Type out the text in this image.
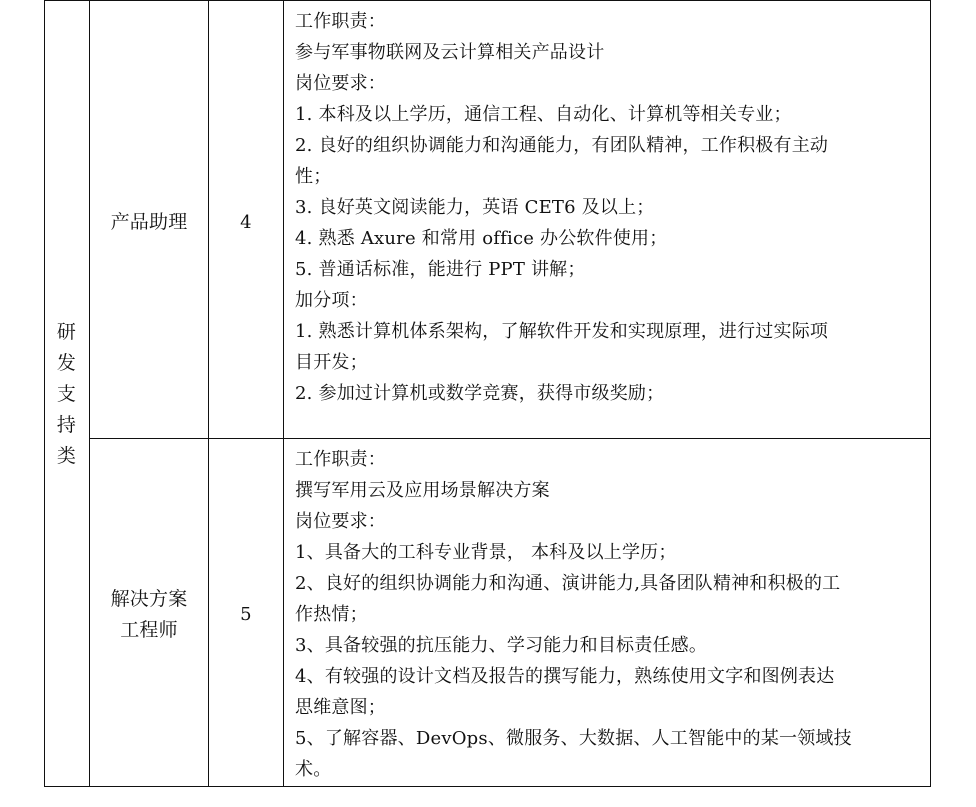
研
发
支
持
类
产品助理	4
工作职责：
参与军事物联网及云计算相关产品设计
岗位要求：
1. 本科及以上学历，通信工程、自动化、计算机等相关专业；
2. 良好的组织协调能力和沟通能力，有团队精神，工作积极有主动
性；
3. 良好英文阅读能力，英语 CET6 及以上；
4. 熟悉 Axure 和常用 office 办公软件使用；
5. 普通话标准，能进行 PPT 讲解；
加分项：
1. 熟悉计算机体系架构，了解软件开发和实现原理，进行过实际项
目开发；
2. 参加过计算机或数学竞赛，获得市级奖励；
解决方案
工程师
5
工作职责：
撰写军用云及应用场景解决方案
岗位要求：
1、具备大的工科专业背景， 本科及以上学历；
2、良好的组织协调能力和沟通、演讲能力,具备团队精神和积极的工
作热情；
3、具备较强的抗压能力、学习能力和目标责任感。
4、有较强的设计文档及报告的撰写能力，熟练使用文字和图例表达
思维意图；
5、了解容器、DevOps、微服务、大数据、人工智能中的某一领域技
术。
